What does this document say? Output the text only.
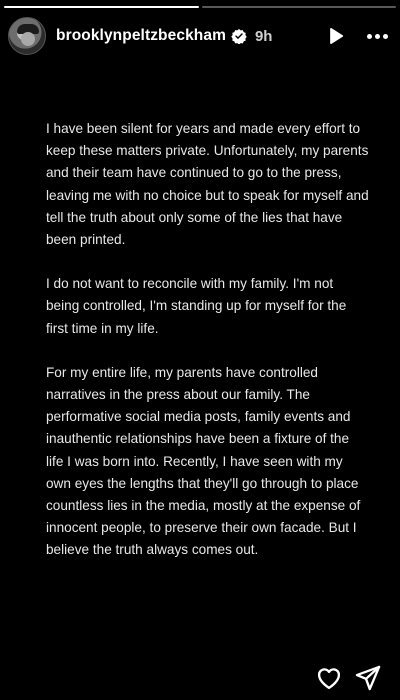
brooklynpeltzbeckham 9h

I have been silent for years and made every effort to keep these matters private. Unfortunately, my parents and their team have continued to go to the press, leaving me with no choice but to speak for myself and tell the truth about only some of the lies that have been printed.

I do not want to reconcile with my family. I'm not being controlled, I'm standing up for myself for the first time in my life.

For my entire life, my parents have controlled narratives in the press about our family. The performative social media posts, family events and inauthentic relationships have been a fixture of the life I was born into. Recently, I have seen with my own eyes the lengths that they'll go through to place countless lies in the media, mostly at the expense of innocent people, to preserve their own facade. But I believe the truth always comes out.
